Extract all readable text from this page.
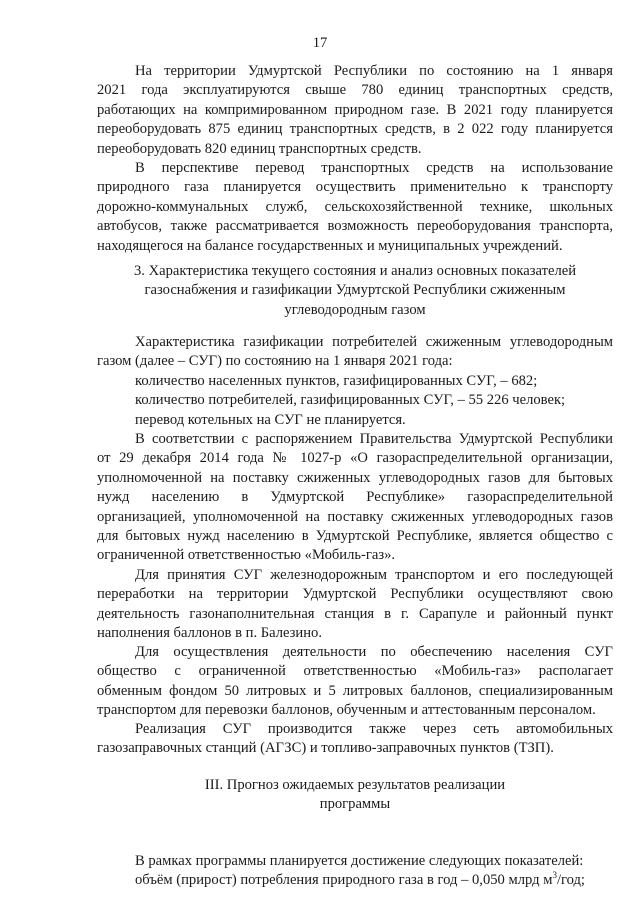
17
На территории Удмуртской Республики по состоянию на 1 января
2021 года эксплуатируются свыше 780 единиц транспортных средств,
работающих на компримированном природном газе. В 2021 году планируется
переоборудовать 875 единиц транспортных средств, в 2 022 году планируется
переоборудовать 820 единиц транспортных средств.
В перспективе перевод транспортных средств на использование
природного газа планируется осуществить применительно к транспорту
дорожно-коммунальных служб, сельскохозяйственной технике, школьных
автобусов, также рассматривается возможность переоборудования транспорта,
находящегося на балансе государственных и муниципальных учреждений.
3. Характеристика текущего состояния и анализ основных показателей
газоснабжения и газификации Удмуртской Республики сжиженным
углеводородным газом
Характеристика газификации потребителей сжиженным углеводородным
газом (далее – СУГ) по состоянию на 1 января 2021 года:
количество населенных пунктов, газифицированных СУГ, – 682;
количество потребителей, газифицированных СУГ, – 55 226 человек;
перевод котельных на СУГ не планируется.
В соответствии с распоряжением Правительства Удмуртской Республики
от 29 декабря 2014 года № 1027-р «О газораспределительной организации,
уполномоченной на поставку сжиженных углеводородных газов для бытовых
нужд населению в Удмуртской Республике» газораспределительной
организацией, уполномоченной на поставку сжиженных углеводородных газов
для бытовых нужд населению в Удмуртской Республике, является общество с
ограниченной ответственностью «Мобиль-газ».
Для принятия СУГ железнодорожным транспортом и его последующей
переработки на территории Удмуртской Республики осуществляют свою
деятельность газонаполнительная станция в г. Сарапуле и районный пункт
наполнения баллонов в п. Балезино.
Для осуществления деятельности по обеспечению населения СУГ
общество с ограниченной ответственностью «Мобиль-газ» располагает
обменным фондом 50 литровых и 5 литровых баллонов, специализированным
транспортом для перевозки баллонов, обученным и аттестованным персоналом.
Реализация СУГ производится также через сеть автомобильных
газозаправочных станций (АГЗС) и топливо-заправочных пунктов (ТЗП).
III. Прогноз ожидаемых результатов реализации
программы
В рамках программы планируется достижение следующих показателей:
объём (прирост) потребления природного газа в год – 0,050 млрд $м^3$/год;
